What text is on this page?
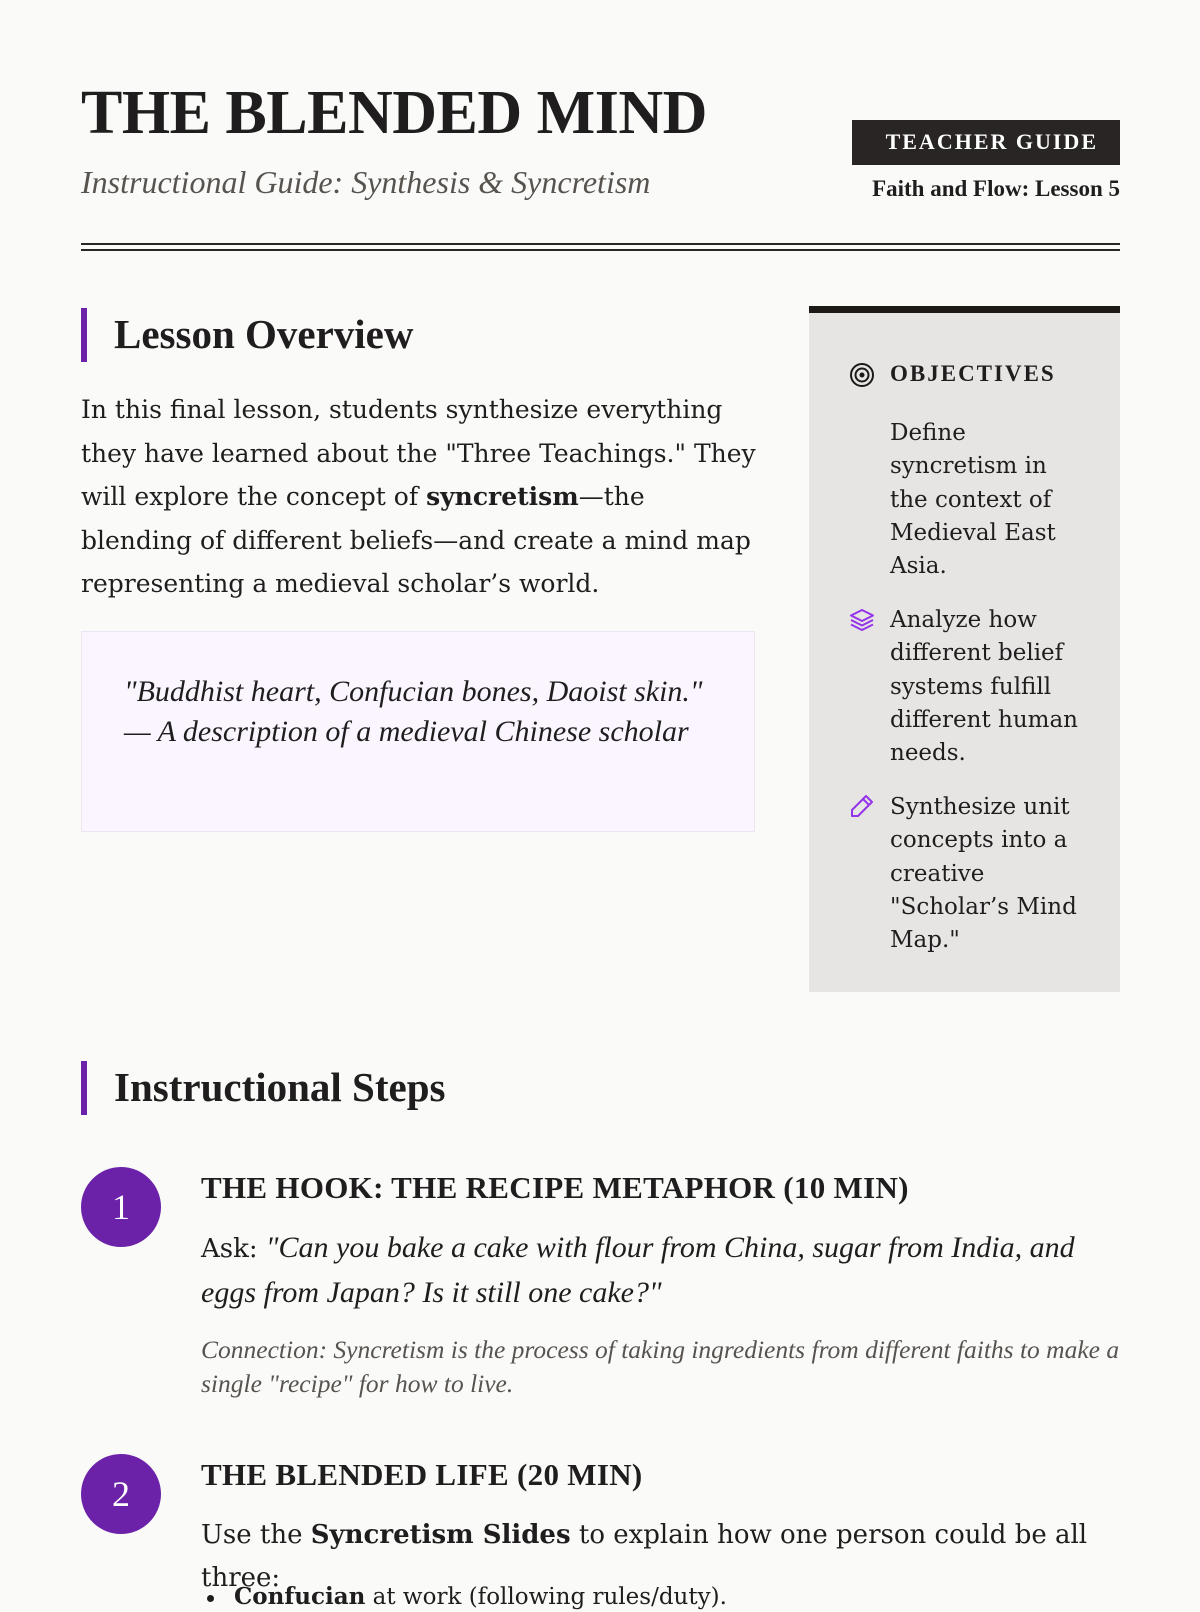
THE BLENDED MIND
Instructional Guide: Synthesis & Syncretism
TEACHER GUIDE
Faith and Flow: Lesson 5
Lesson Overview

In this final lesson, students synthesize everything they have learned about the "Three Teachings." They will explore the concept of syncretism—the blending of different beliefs—and create a mind map representing a medieval scholar’s world.

"Buddhist heart, Confucian bones, Daoist skin." — A description of a medieval Chinese scholar

OBJECTIVES

Define syncretism in the context of Medieval East Asia.

Analyze how different belief systems fulfill different human needs.

Synthesize unit concepts into a creative "Scholar’s Mind Map."

Instructional Steps
1	THE HOOK: THE RECIPE METAPHOR (10 MIN)

Ask: "Can you bake a cake with flour from China, sugar from India, and eggs from Japan? Is it still one cake?"

Connection: Syncretism is the process of taking ingredients from different faiths to make a single "recipe" for how to live.

2	THE BLENDED LIFE (20 MIN)

Use the Syncretism Slides to explain how one person could be all three:

Confucian at work (following rules/duty).
